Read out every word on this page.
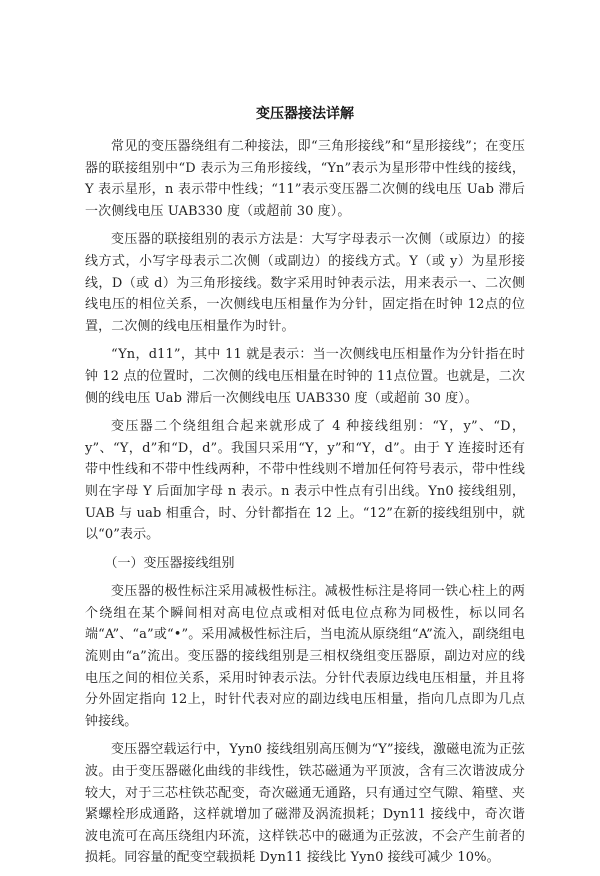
变压器接法详解

常见的变压器绕组有二种接法，即“三角形接线”和“星形接线”；在变压器的联接组别中“D 表示为三角形接线，“Yn”表示为星形带中性线的接线，Y 表示星形，n 表示带中性线；“11”表示变压器二次侧的线电压 Uab 滞后一次侧线电压 UAB330 度（或超前 30 度）。

变压器的联接组别的表示方法是：大写字母表示一次侧（或原边）的接线方式，小写字母表示二次侧（或副边）的接线方式。Y（或 y）为星形接线，D（或 d）为三角形接线。数字采用时钟表示法，用来表示一、二次侧线电压的相位关系，一次侧线电压相量作为分针，固定指在时钟 12点的位置，二次侧的线电压相量作为时针。

“Yn，d11”，其中 11 就是表示：当一次侧线电压相量作为分针指在时钟 12 点的位置时，二次侧的线电压相量在时钟的 11点位置。也就是，二次侧的线电压 Uab 滞后一次侧线电压 UAB330 度（或超前 30 度）。

变压器二个绕组组合起来就形成了 4 种接线组别：“Y，y”、“D，y”、“Y，d”和“D，d”。我国只采用“Y，y”和“Y，d”。由于 Y 连接时还有带中性线和不带中性线两种，不带中性线则不增加任何符号表示，带中性线则在字母 Y 后面加字母 n 表示。n 表示中性点有引出线。Yn0 接线组别，UAB 与 uab 相重合，时、分针都指在 12 上。“12”在新的接线组别中，就以“0”表示。

（一）变压器接线组别

变压器的极性标注采用减极性标注。减极性标注是将同一铁心柱上的两个绕组在某个瞬间相对高电位点或相对低电位点称为同极性，标以同名端“A”、“a”或“•”。采用减极性标注后，当电流从原绕组“A”流入，副绕组电流则由“a”流出。变压器的接线组别是三相权绕组变压器原，副边对应的线电压之间的相位关系，采用时钟表示法。分针代表原边线电压相量，并且将分外固定指向 12上，时针代表对应的副边线电压相量，指向几点即为几点钟接线。

变压器空载运行中，Yyn0 接线组别高压侧为“Y”接线，激磁电流为正弦波。由于变压器磁化曲线的非线性，铁芯磁通为平顶波，含有三次谐波成分较大，对于三芯柱铁芯配变，奇次磁通无通路，只有通过空气隙、箱壁、夹紧螺栓形成通路，这样就增加了磁滞及涡流损耗；Dyn11 接线中，奇次谐波电流可在高压绕组内环流，这样铁芯中的磁通为正弦波，不会产生前者的损耗。同容量的配变空载损耗 Dyn11 接线比 Yyn0 接线可减少 10%。
